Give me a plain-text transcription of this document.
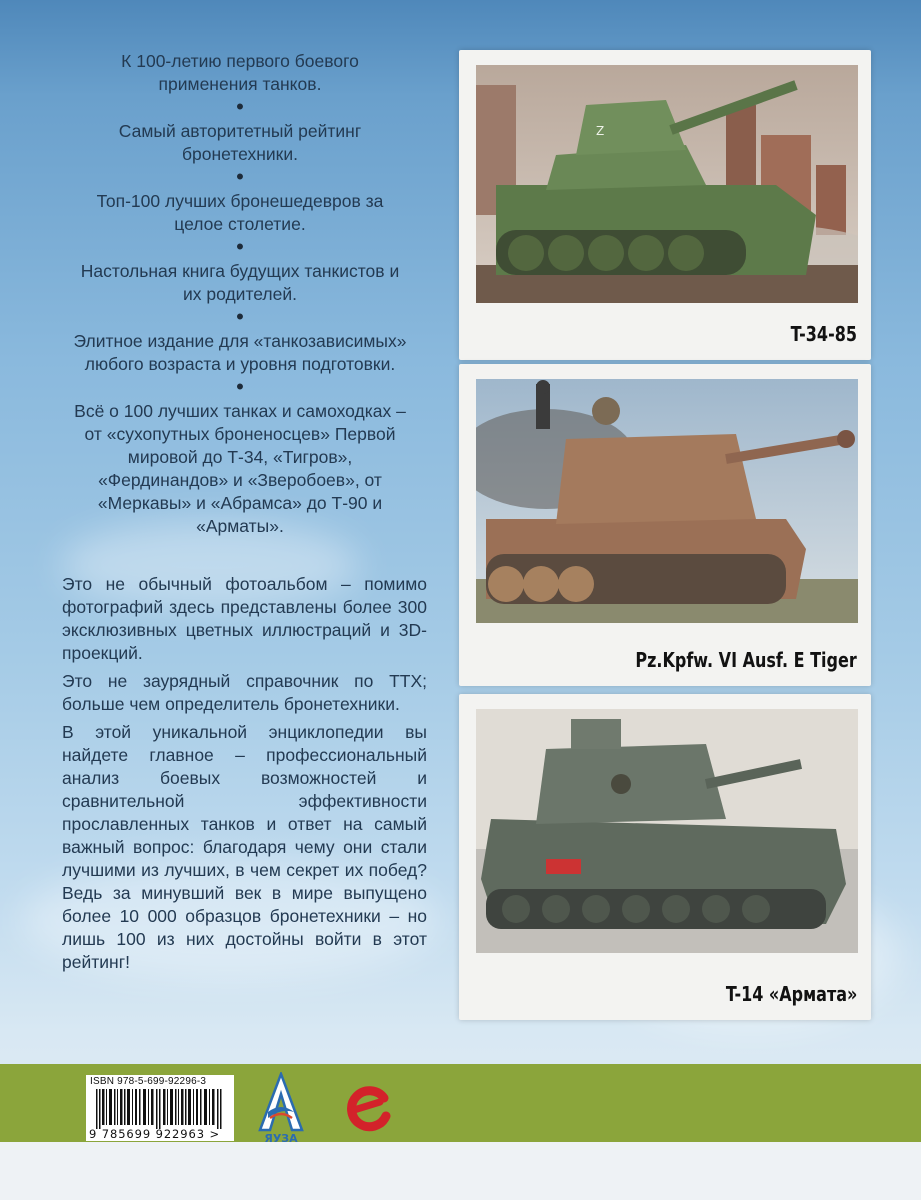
К 100-летию первого боевого применения танков.

•

Самый авторитетный рейтинг бронетехники.

•

Топ-100 лучших бронешедевров за целое столетие.

•

Настольная книга будущих танкистов и их родителей.

•

Элитное издание для «танкозависимых» любого возраста и уровня подготовки.

•

Всё о 100 лучших танках и самоходках – от «сухопутных броненосцев» Первой мировой до Т-34, «Тигров», «Фердинандов» и «Зверобоев», от «Меркавы» и «Абрамса» до Т-90 и «Арматы».

Это не обычный фотоальбом – помимо фотографий здесь представлены более 300 эксклюзивных цветных иллюстраций и 3D-проекций.

Это не заурядный справочник по ТТХ; больше чем определитель бронетехники.

В этой уникальной энциклопедии вы найдете главное – профессиональный анализ боевых возможностей и сравнительной эффективности прославленных танков и ответ на самый важный вопрос: благодаря чему они стали лучшими из лучших, в чем секрет их побед? Ведь за минувший век в мире выпущено более 10 000 образцов бронетехники – но лишь 100 из них достойны войти в этот рейтинг!

Z
T-34-85
Pz.Kpfw. VI Ausf. E Tiger
T-14 «Армата»
ISBN 978-5-699-92296-3
9 785699 922963 >	ЯУЗА
